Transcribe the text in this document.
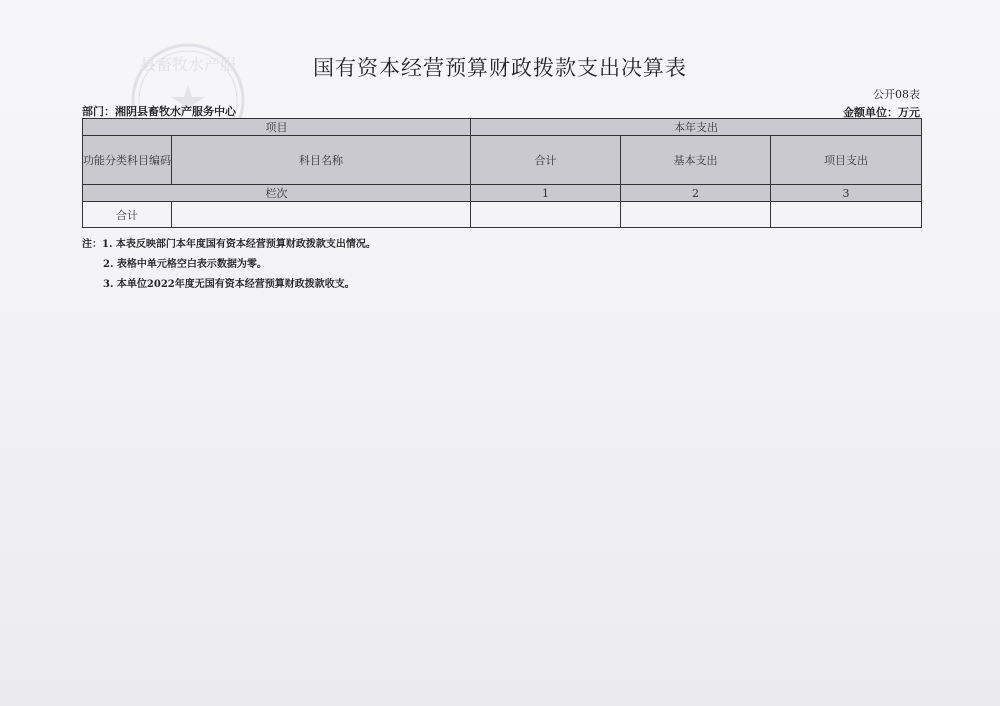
县畜牧水产服	国有资本经营预算财政拨款支出决算表
公开08表
部门：湘阴县畜牧水产服务中心	金额单位：万元
项目		本年支出		
功能分类科目编码	科目名称	合计	基本支出	项目支出
栏次		1	2	3
合计				
注：1. 本表反映部门本年度国有资本经营预算财政拨款支出情况。
2. 表格中单元格空白表示数据为零。
3. 本单位2022年度无国有资本经营预算财政拨款收支。
